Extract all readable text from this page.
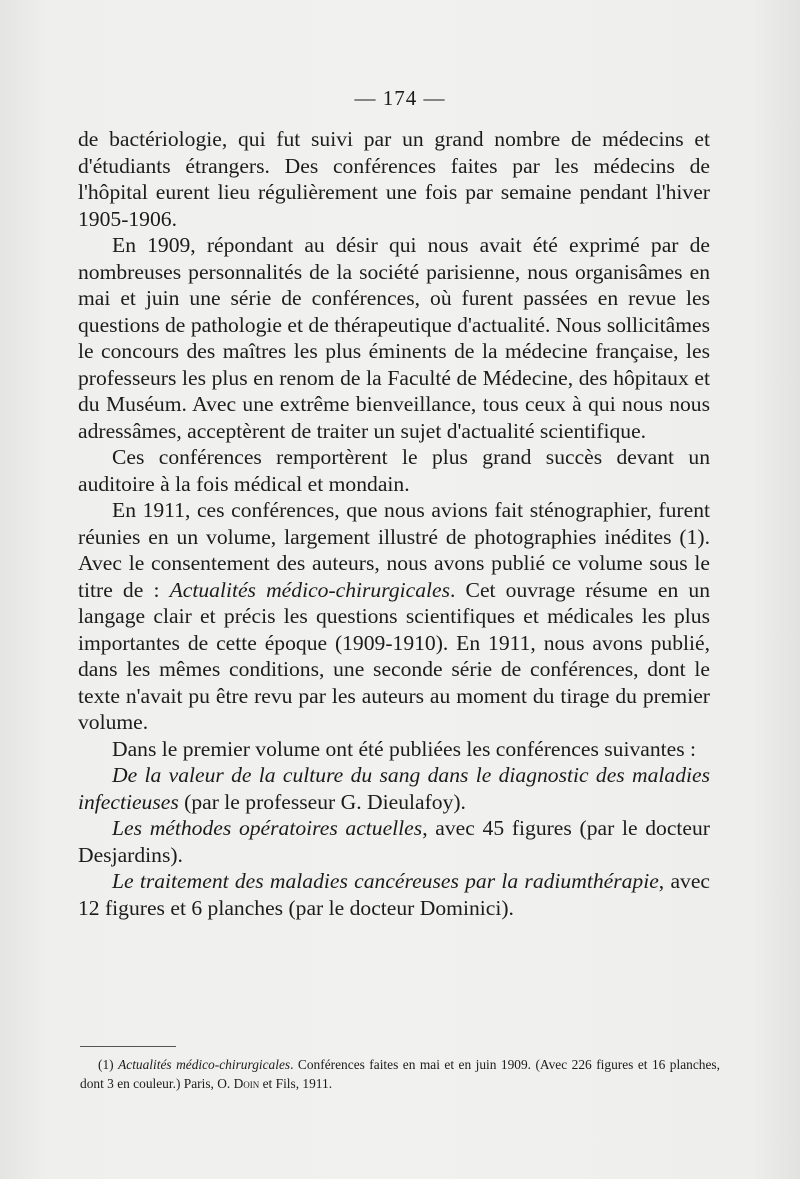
— 174 —

de bactériologie, qui fut suivi par un grand nombre de médecins et d'étudiants étrangers. Des conférences faites par les médecins de l'hôpital eurent lieu régulièrement une fois par semaine pendant l'hiver 1905-1906.

En 1909, répondant au désir qui nous avait été exprimé par de nombreuses personnalités de la société parisienne, nous organisâmes en mai et juin une série de conférences, où furent passées en revue les questions de pathologie et de thérapeutique d'actualité. Nous sollicitâmes le concours des maîtres les plus éminents de la médecine française, les professeurs les plus en renom de la Faculté de Médecine, des hôpitaux et du Muséum. Avec une extrême bienveillance, tous ceux à qui nous nous adressâmes, acceptèrent de traiter un sujet d'actualité scientifique.

Ces conférences remportèrent le plus grand succès devant un auditoire à la fois médical et mondain.

En 1911, ces conférences, que nous avions fait sténographier, furent réunies en un volume, largement illustré de photographies inédites (1). Avec le consentement des auteurs, nous avons publié ce volume sous le titre de : Actualités médico-chirurgicales. Cet ouvrage résume en un langage clair et précis les questions scientifiques et médicales les plus importantes de cette époque (1909-1910). En 1911, nous avons publié, dans les mêmes conditions, une seconde série de conférences, dont le texte n'avait pu être revu par les auteurs au moment du tirage du premier volume.

Dans le premier volume ont été publiées les conférences suivantes :

De la valeur de la culture du sang dans le diagnostic des maladies infectieuses (par le professeur G. Dieulafoy).

Les méthodes opératoires actuelles, avec 45 figures (par le docteur Desjardins).

Le traitement des maladies cancéreuses par la radiumthérapie, avec 12 figures et 6 planches (par le docteur Dominici).

(1) Actualités médico-chirurgicales. Conférences faites en mai et en juin 1909. (Avec 226 figures et 16 planches, dont 3 en couleur.) Paris, O. Doin et Fils, 1911.
